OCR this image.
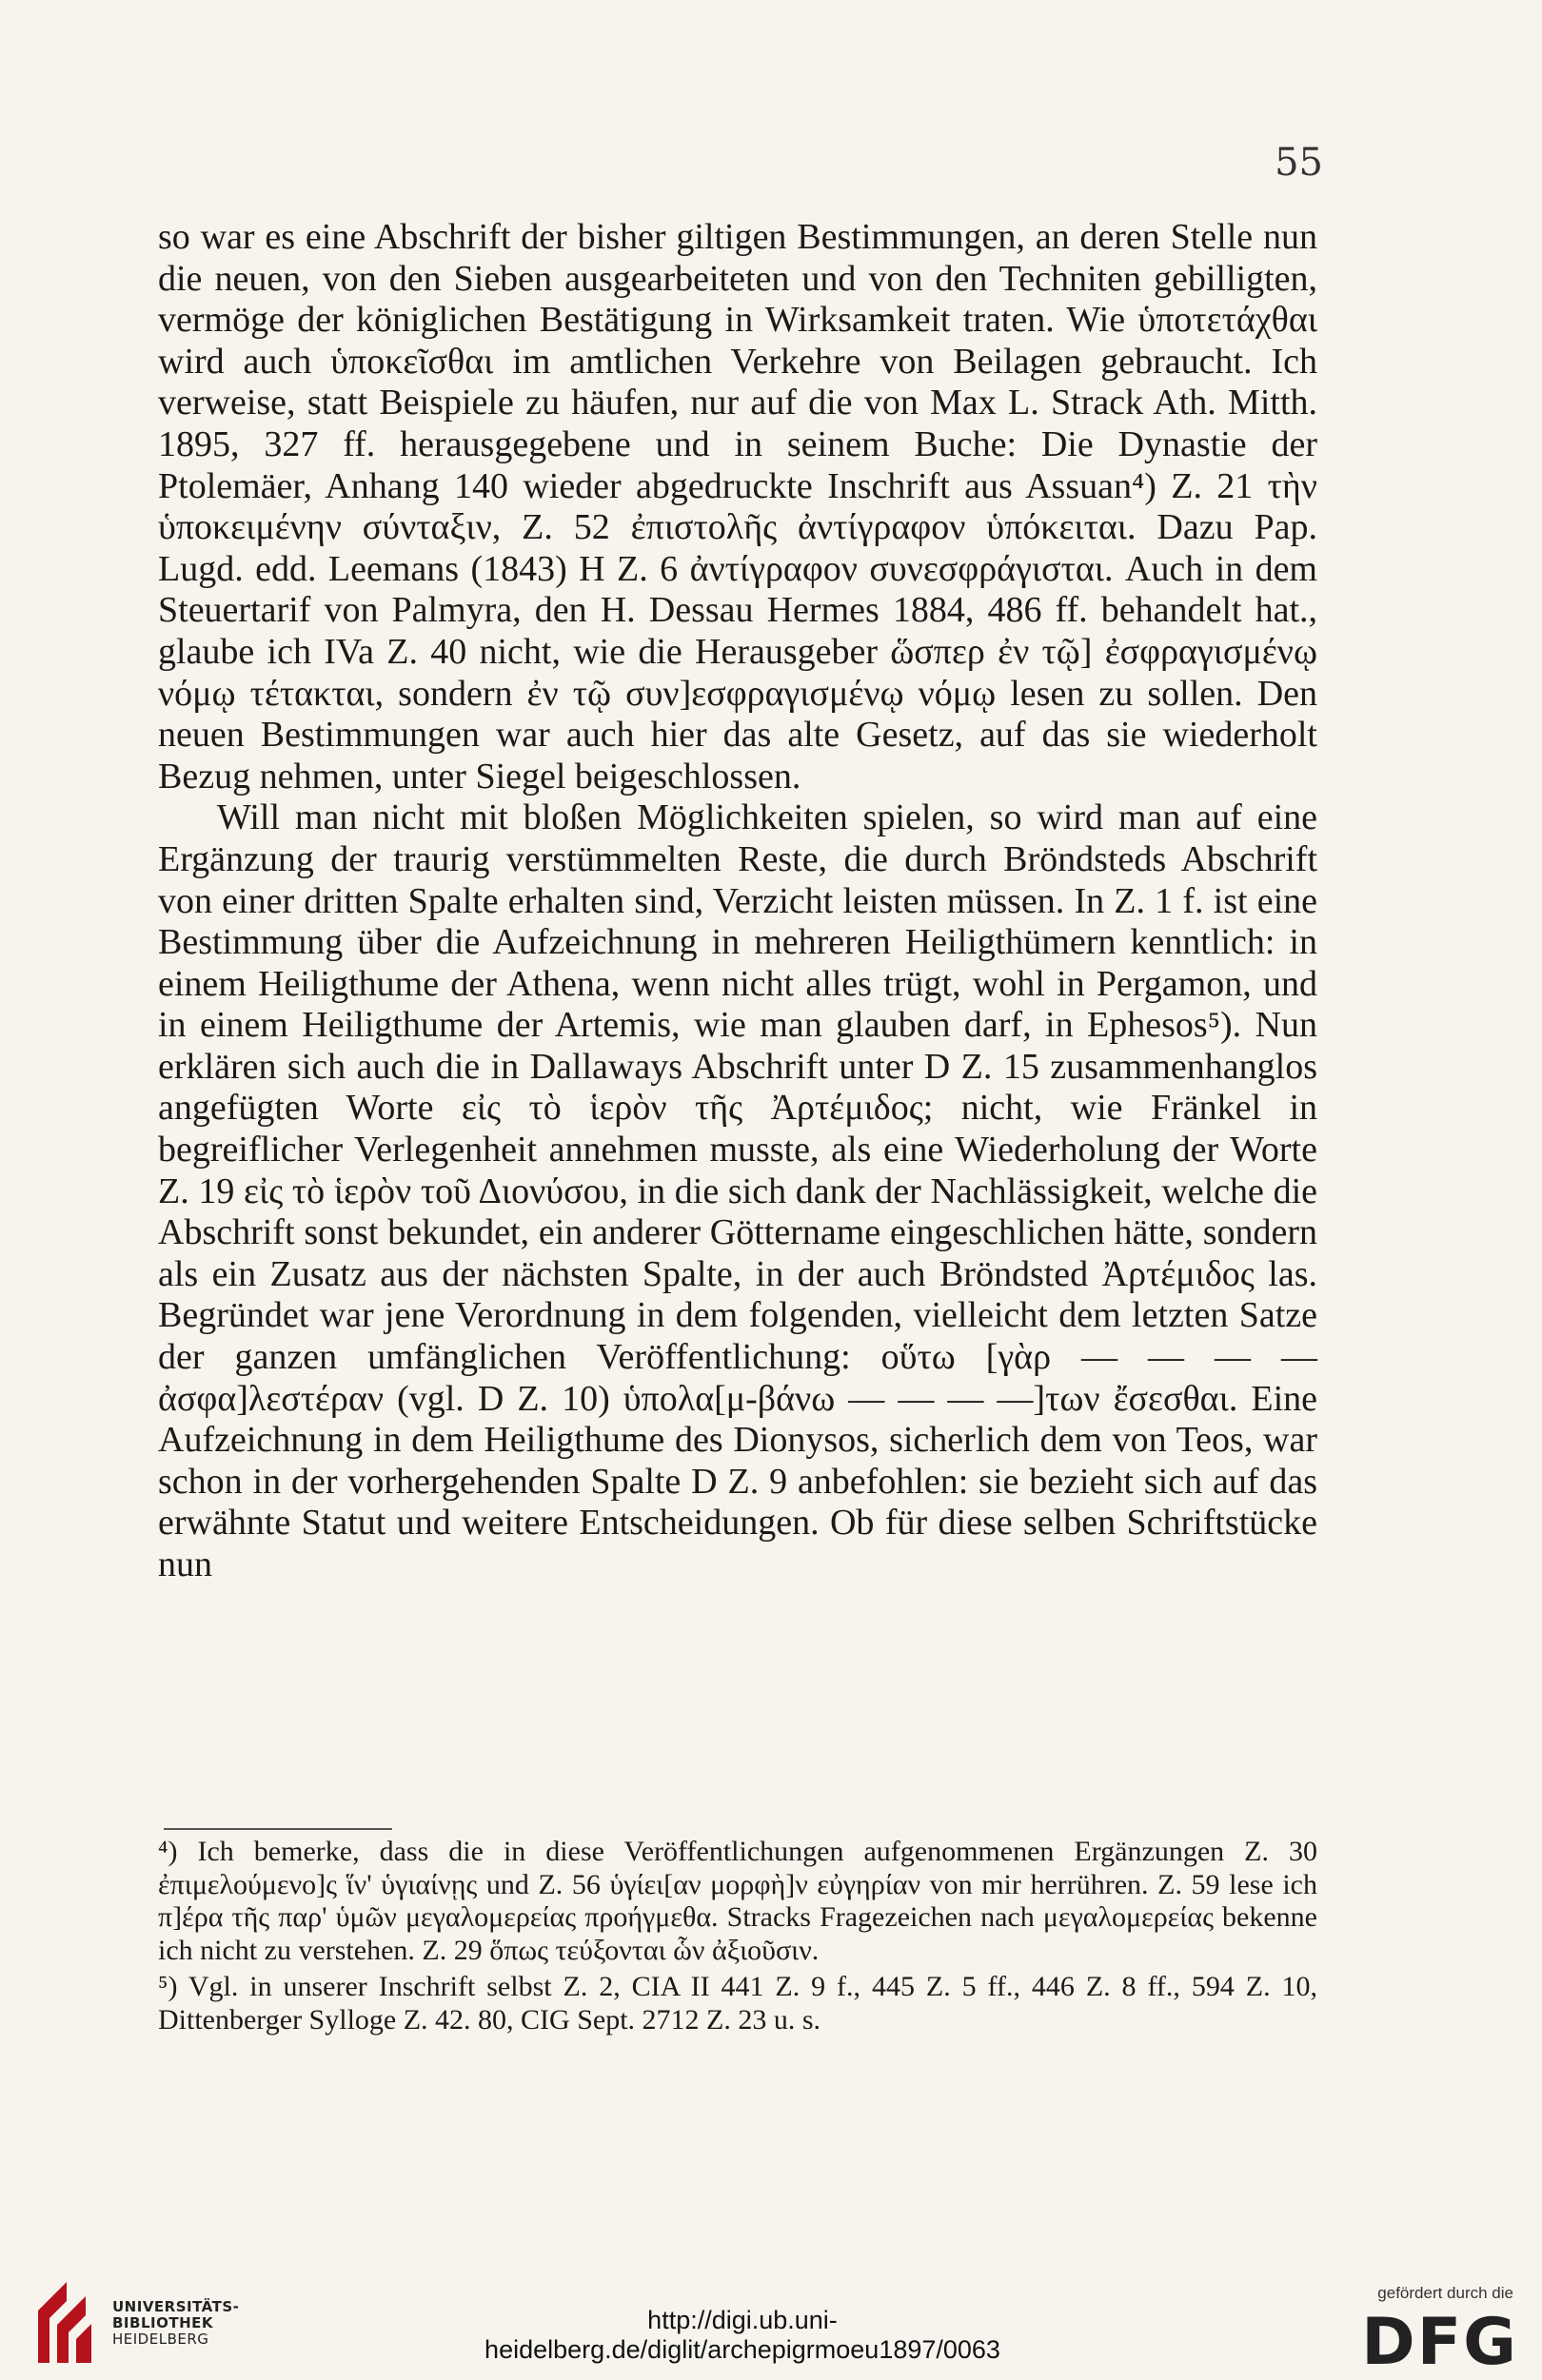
55

so war es eine Abschrift der bisher giltigen Bestimmungen, an deren Stelle nun die neuen, von den Sieben ausgearbeiteten und von den Techniten gebilligten, vermöge der königlichen Bestätigung in Wirksamkeit traten. Wie ὑποτετάχθαι wird auch ὑποκεῖσθαι im amtlichen Verkehre von Beilagen gebraucht. Ich verweise, statt Beispiele zu häufen, nur auf die von Max L. Strack Ath. Mitth. 1895, 327 ff. herausgegebene und in seinem Buche: Die Dynastie der Ptolemäer, Anhang 140 wieder abgedruckte Inschrift aus Assuan⁴) Z. 21 τὴν ὑποκειμένην σύνταξιν, Z. 52 ἐπιστολῆς ἀντίγραφον ὑπόκειται. Dazu Pap. Lugd. edd. Leemans (1843) H Z. 6 ἀντίγραφον συνεσφράγισται. Auch in dem Steuertarif von Palmyra, den H. Dessau Hermes 1884, 486 ff. behandelt hat., glaube ich IVa Z. 40 nicht, wie die Herausgeber ὥσπερ ἐν τῷ] ἐσφραγισμένῳ νόμῳ τέτακται, sondern ἐν τῷ συν]εσφραγισμένῳ νόμῳ lesen zu sollen. Den neuen Bestimmungen war auch hier das alte Gesetz, auf das sie wiederholt Bezug nehmen, unter Siegel beigeschlossen.

Will man nicht mit bloßen Möglichkeiten spielen, so wird man auf eine Ergänzung der traurig verstümmelten Reste, die durch Bröndsteds Abschrift von einer dritten Spalte erhalten sind, Verzicht leisten müssen. In Z. 1 f. ist eine Bestimmung über die Aufzeichnung in mehreren Heiligthümern kenntlich: in einem Heiligthume der Athena, wenn nicht alles trügt, wohl in Pergamon, und in einem Heiligthume der Artemis, wie man glauben darf, in Ephesos⁵). Nun erklären sich auch die in Dallaways Abschrift unter D Z. 15 zusammenhanglos angefügten Worte εἰς τὸ ἱερὸν τῆς Ἀρτέμιδος; nicht, wie Fränkel in begreiflicher Verlegenheit annehmen musste, als eine Wiederholung der Worte Z. 19 εἰς τὸ ἱερὸν τοῦ Διονύσου, in die sich dank der Nachlässigkeit, welche die Abschrift sonst bekundet, ein anderer Göttername eingeschlichen hätte, sondern als ein Zusatz aus der nächsten Spalte, in der auch Bröndsted Ἀρτέμιδος las. Begründet war jene Verordnung in dem folgenden, vielleicht dem letzten Satze der ganzen umfänglichen Veröffentlichung: οὕτω [γὰρ — — — — ἀσφα]λεστέραν (vgl. D Z. 10) ὑπολα[μ-βάνω — — — —]των ἔσεσθαι. Eine Aufzeichnung in dem Heiligthume des Dionysos, sicherlich dem von Teos, war schon in der vorhergehenden Spalte D Z. 9 anbefohlen: sie bezieht sich auf das erwähnte Statut und weitere Entscheidungen. Ob für diese selben Schriftstücke nun

⁴) Ich bemerke, dass die in diese Veröffentlichungen aufgenommenen Ergänzungen Z. 30 ἐπιμελούμενο]ς ἵν' ὑγιαίνῃς und Z. 56 ὑγίει[αν μορφὴ]ν εὐγηρίαν von mir herrühren. Z. 59 lese ich π]έρα τῆς παρ' ὑμῶν μεγαλομερείας προήγμεθα. Stracks Fragezeichen nach μεγαλομερείας bekenne ich nicht zu verstehen. Z. 29 ὅπως τεύξονται ὧν ἀξιοῦσιν.

⁵) Vgl. in unserer Inschrift selbst Z. 2, CIA II 441 Z. 9 f., 445 Z. 5 ff., 446 Z. 8 ff., 594 Z. 10, Dittenberger Sylloge Z. 42. 80, CIG Sept. 2712 Z. 23 u. s.

UNIVERSITÄTS-
BIBLIOTHEK
HEIDELBERG
http://digi.ub.uni-heidelberg.de/diglit/archepigrmoeu1897/0063
gefördert durch die
DFG
